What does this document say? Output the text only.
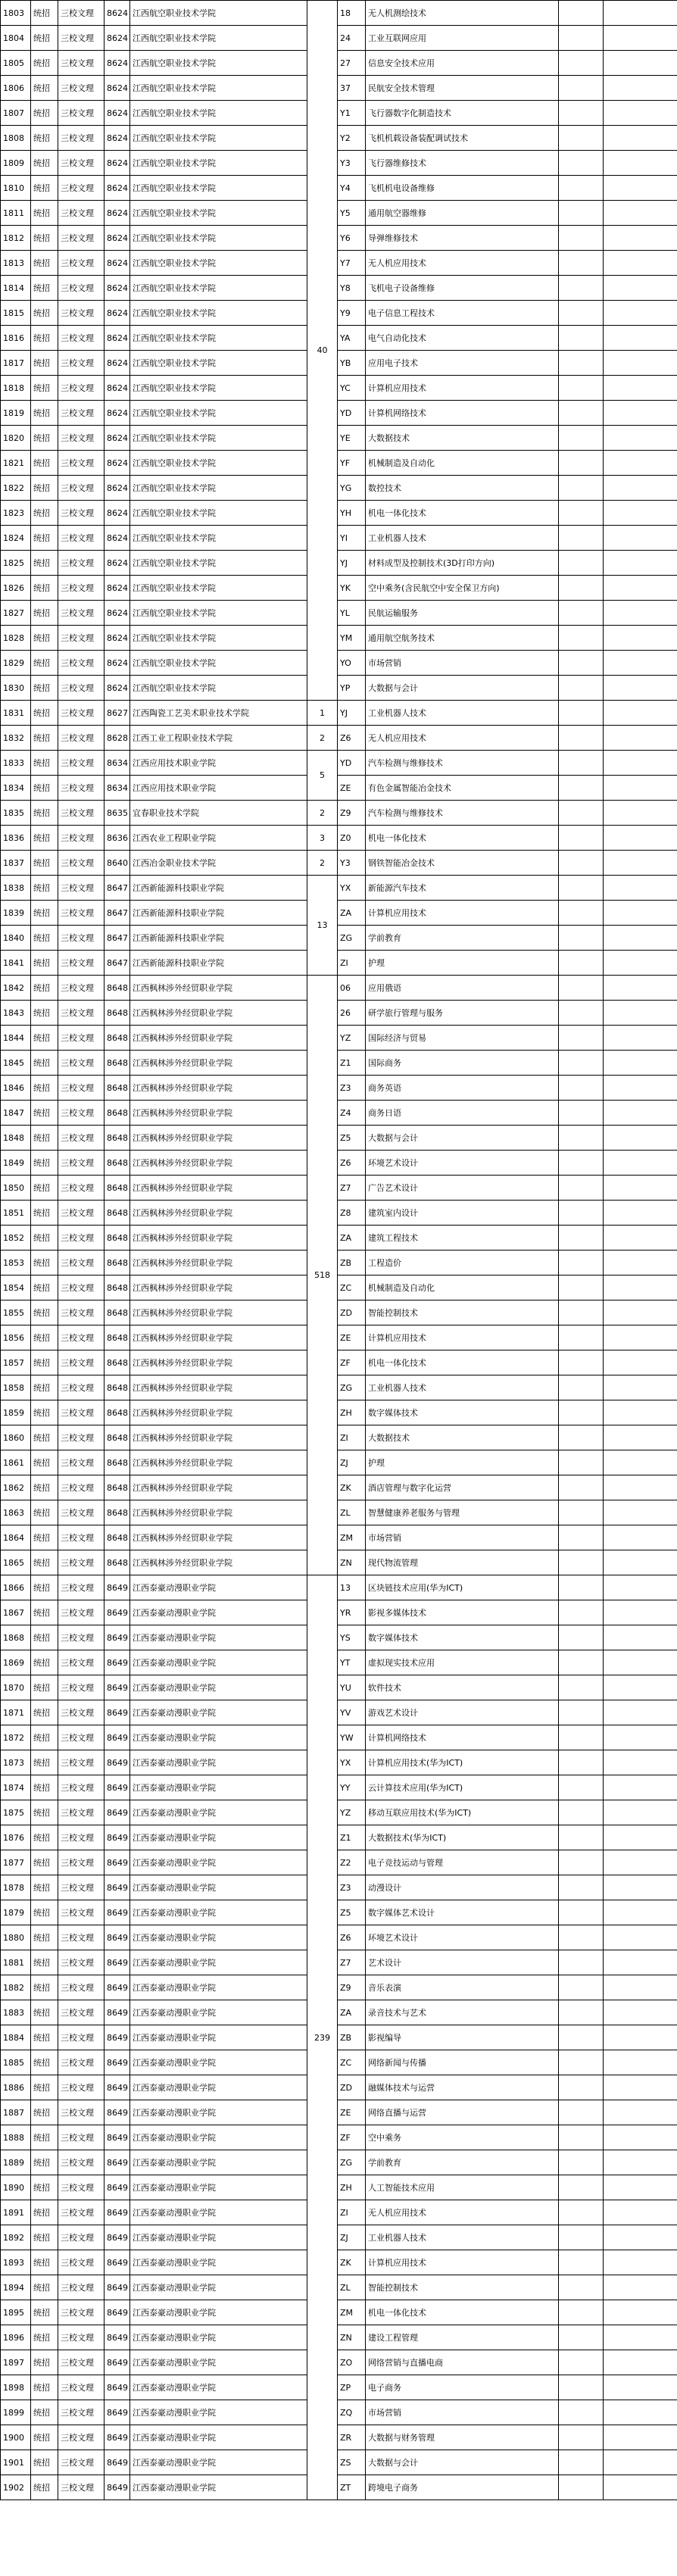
1803	统招	三校文理	8624	江西航空职业技术学院	40	18	无人机测绘技术		
1804	统招	三校文理	8624	江西航空职业技术学院		24	工业互联网应用		
1805	统招	三校文理	8624	江西航空职业技术学院		27	信息安全技术应用		
1806	统招	三校文理	8624	江西航空职业技术学院		37	民航安全技术管理		
1807	统招	三校文理	8624	江西航空职业技术学院		Y1	飞行器数字化制造技术		
1808	统招	三校文理	8624	江西航空职业技术学院		Y2	飞机机载设备装配调试技术		
1809	统招	三校文理	8624	江西航空职业技术学院		Y3	飞行器维修技术		
1810	统招	三校文理	8624	江西航空职业技术学院		Y4	飞机机电设备维修		
1811	统招	三校文理	8624	江西航空职业技术学院		Y5	通用航空器维修		
1812	统招	三校文理	8624	江西航空职业技术学院		Y6	导弹维修技术		
1813	统招	三校文理	8624	江西航空职业技术学院		Y7	无人机应用技术		
1814	统招	三校文理	8624	江西航空职业技术学院		Y8	飞机电子设备维修		
1815	统招	三校文理	8624	江西航空职业技术学院		Y9	电子信息工程技术		
1816	统招	三校文理	8624	江西航空职业技术学院		YA	电气自动化技术		
1817	统招	三校文理	8624	江西航空职业技术学院		YB	应用电子技术		
1818	统招	三校文理	8624	江西航空职业技术学院		YC	计算机应用技术		
1819	统招	三校文理	8624	江西航空职业技术学院		YD	计算机网络技术		
1820	统招	三校文理	8624	江西航空职业技术学院		YE	大数据技术		
1821	统招	三校文理	8624	江西航空职业技术学院		YF	机械制造及自动化		
1822	统招	三校文理	8624	江西航空职业技术学院		YG	数控技术		
1823	统招	三校文理	8624	江西航空职业技术学院		YH	机电一体化技术		
1824	统招	三校文理	8624	江西航空职业技术学院		YI	工业机器人技术		
1825	统招	三校文理	8624	江西航空职业技术学院		YJ	材料成型及控制技术(3D打印方向)		
1826	统招	三校文理	8624	江西航空职业技术学院		YK	空中乘务(含民航空中安全保卫方向)		
1827	统招	三校文理	8624	江西航空职业技术学院		YL	民航运输服务		
1828	统招	三校文理	8624	江西航空职业技术学院		YM	通用航空航务技术		
1829	统招	三校文理	8624	江西航空职业技术学院		YO	市场营销		
1830	统招	三校文理	8624	江西航空职业技术学院		YP	大数据与会计		
1831	统招	三校文理	8627	江西陶瓷工艺美术职业技术学院	1	YJ	工业机器人技术		
1832	统招	三校文理	8628	江西工业工程职业技术学院	2	Z6	无人机应用技术		
1833	统招	三校文理	8634	江西应用技术职业学院	5	YD	汽车检测与维修技术		
1834	统招	三校文理	8634	江西应用技术职业学院		ZE	有色金属智能冶金技术		
1835	统招	三校文理	8635	宜春职业技术学院	2	Z9	汽车检测与维修技术		
1836	统招	三校文理	8636	江西农业工程职业学院	3	Z0	机电一体化技术		
1837	统招	三校文理	8640	江西冶金职业技术学院	2	Y3	钢铁智能冶金技术		
1838	统招	三校文理	8647	江西新能源科技职业学院	13	YX	新能源汽车技术		
1839	统招	三校文理	8647	江西新能源科技职业学院		ZA	计算机应用技术		
1840	统招	三校文理	8647	江西新能源科技职业学院		ZG	学前教育		
1841	统招	三校文理	8647	江西新能源科技职业学院		ZI	护理		
1842	统招	三校文理	8648	江西枫林涉外经贸职业学院	518	06	应用俄语		
1843	统招	三校文理	8648	江西枫林涉外经贸职业学院		26	研学旅行管理与服务		
1844	统招	三校文理	8648	江西枫林涉外经贸职业学院		YZ	国际经济与贸易		
1845	统招	三校文理	8648	江西枫林涉外经贸职业学院		Z1	国际商务		
1846	统招	三校文理	8648	江西枫林涉外经贸职业学院		Z3	商务英语		
1847	统招	三校文理	8648	江西枫林涉外经贸职业学院		Z4	商务日语		
1848	统招	三校文理	8648	江西枫林涉外经贸职业学院		Z5	大数据与会计		
1849	统招	三校文理	8648	江西枫林涉外经贸职业学院		Z6	环境艺术设计		
1850	统招	三校文理	8648	江西枫林涉外经贸职业学院		Z7	广告艺术设计		
1851	统招	三校文理	8648	江西枫林涉外经贸职业学院		Z8	建筑室内设计		
1852	统招	三校文理	8648	江西枫林涉外经贸职业学院		ZA	建筑工程技术		
1853	统招	三校文理	8648	江西枫林涉外经贸职业学院		ZB	工程造价		
1854	统招	三校文理	8648	江西枫林涉外经贸职业学院		ZC	机械制造及自动化		
1855	统招	三校文理	8648	江西枫林涉外经贸职业学院		ZD	智能控制技术		
1856	统招	三校文理	8648	江西枫林涉外经贸职业学院		ZE	计算机应用技术		
1857	统招	三校文理	8648	江西枫林涉外经贸职业学院		ZF	机电一体化技术		
1858	统招	三校文理	8648	江西枫林涉外经贸职业学院		ZG	工业机器人技术		
1859	统招	三校文理	8648	江西枫林涉外经贸职业学院		ZH	数字媒体技术		
1860	统招	三校文理	8648	江西枫林涉外经贸职业学院		ZI	大数据技术		
1861	统招	三校文理	8648	江西枫林涉外经贸职业学院		ZJ	护理		
1862	统招	三校文理	8648	江西枫林涉外经贸职业学院		ZK	酒店管理与数字化运营		
1863	统招	三校文理	8648	江西枫林涉外经贸职业学院		ZL	智慧健康养老服务与管理		
1864	统招	三校文理	8648	江西枫林涉外经贸职业学院		ZM	市场营销		
1865	统招	三校文理	8648	江西枫林涉外经贸职业学院		ZN	现代物流管理		
1866	统招	三校文理	8649	江西泰豪动漫职业学院	239	13	区块链技术应用(华为ICT)		
1867	统招	三校文理	8649	江西泰豪动漫职业学院		YR	影视多媒体技术		
1868	统招	三校文理	8649	江西泰豪动漫职业学院		YS	数字媒体技术		
1869	统招	三校文理	8649	江西泰豪动漫职业学院		YT	虚拟现实技术应用		
1870	统招	三校文理	8649	江西泰豪动漫职业学院		YU	软件技术		
1871	统招	三校文理	8649	江西泰豪动漫职业学院		YV	游戏艺术设计		
1872	统招	三校文理	8649	江西泰豪动漫职业学院		YW	计算机网络技术		
1873	统招	三校文理	8649	江西泰豪动漫职业学院		YX	计算机应用技术(华为ICT)		
1874	统招	三校文理	8649	江西泰豪动漫职业学院		YY	云计算技术应用(华为ICT)		
1875	统招	三校文理	8649	江西泰豪动漫职业学院		YZ	移动互联应用技术(华为ICT)		
1876	统招	三校文理	8649	江西泰豪动漫职业学院		Z1	大数据技术(华为ICT)		
1877	统招	三校文理	8649	江西泰豪动漫职业学院		Z2	电子竞技运动与管理		
1878	统招	三校文理	8649	江西泰豪动漫职业学院		Z3	动漫设计		
1879	统招	三校文理	8649	江西泰豪动漫职业学院		Z5	数字媒体艺术设计		
1880	统招	三校文理	8649	江西泰豪动漫职业学院		Z6	环境艺术设计		
1881	统招	三校文理	8649	江西泰豪动漫职业学院		Z7	艺术设计		
1882	统招	三校文理	8649	江西泰豪动漫职业学院		Z9	音乐表演		
1883	统招	三校文理	8649	江西泰豪动漫职业学院		ZA	录音技术与艺术		
1884	统招	三校文理	8649	江西泰豪动漫职业学院		ZB	影视编导		
1885	统招	三校文理	8649	江西泰豪动漫职业学院		ZC	网络新闻与传播		
1886	统招	三校文理	8649	江西泰豪动漫职业学院		ZD	融媒体技术与运营		
1887	统招	三校文理	8649	江西泰豪动漫职业学院		ZE	网络直播与运营		
1888	统招	三校文理	8649	江西泰豪动漫职业学院		ZF	空中乘务		
1889	统招	三校文理	8649	江西泰豪动漫职业学院		ZG	学前教育		
1890	统招	三校文理	8649	江西泰豪动漫职业学院		ZH	人工智能技术应用		
1891	统招	三校文理	8649	江西泰豪动漫职业学院		ZI	无人机应用技术		
1892	统招	三校文理	8649	江西泰豪动漫职业学院		ZJ	工业机器人技术		
1893	统招	三校文理	8649	江西泰豪动漫职业学院		ZK	计算机应用技术		
1894	统招	三校文理	8649	江西泰豪动漫职业学院		ZL	智能控制技术		
1895	统招	三校文理	8649	江西泰豪动漫职业学院		ZM	机电一体化技术		
1896	统招	三校文理	8649	江西泰豪动漫职业学院		ZN	建设工程管理		
1897	统招	三校文理	8649	江西泰豪动漫职业学院		ZO	网络营销与直播电商		
1898	统招	三校文理	8649	江西泰豪动漫职业学院		ZP	电子商务		
1899	统招	三校文理	8649	江西泰豪动漫职业学院		ZQ	市场营销		
1900	统招	三校文理	8649	江西泰豪动漫职业学院		ZR	大数据与财务管理		
1901	统招	三校文理	8649	江西泰豪动漫职业学院		ZS	大数据与会计		
1902	统招	三校文理	8649	江西泰豪动漫职业学院		ZT	跨境电子商务		
